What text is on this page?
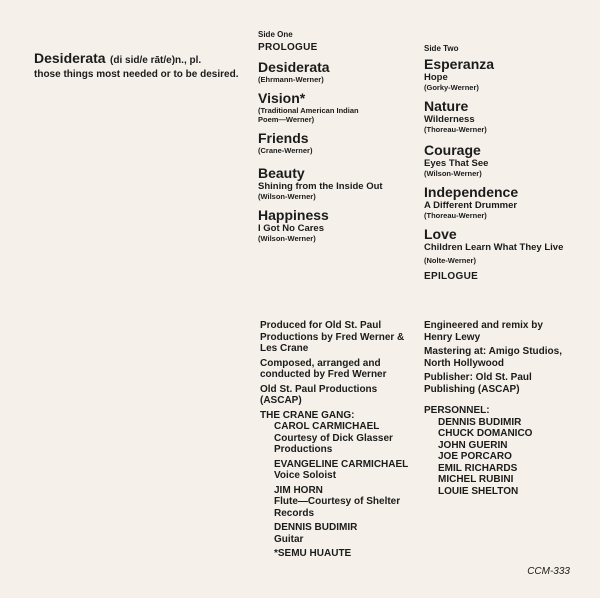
Desiderata (di sid/e rāt/e)n., pl.
those things most needed or to be desired.
Side One
PROLOGUE
Desiderata
(Ehrmann-Werner)
Vision*
(Traditional American Indian Poem—Werner)
Friends
(Crane-Werner)
Beauty
Shining from the Inside Out
(Wilson-Werner)
Happiness
I Got No Cares
(Wilson-Werner)
Side Two
Esperanza
Hope
(Gorky-Werner)
Nature
Wilderness
(Thoreau-Werner)
Courage
Eyes That See
(Wilson-Werner)
Independence
A Different Drummer
(Thoreau-Werner)
Love
Children Learn What They Live
(Nolte-Werner)
EPILOGUE
Produced for Old St. Paul Productions by Fred Werner & Les Crane
Composed, arranged and conducted by Fred Werner
Old St. Paul Productions (ASCAP)
THE CRANE GANG:
CAROL CARMICHAEL
Courtesy of Dick Glasser Productions
EVANGELINE CARMICHAEL
Voice Soloist
JIM HORN
Flute—Courtesy of Shelter Records
DENNIS BUDIMIR
Guitar
*SEMU HUAUTE
Engineered and remix by Henry Lewy
Mastering at: Amigo Studios, North Hollywood
Publisher: Old St. Paul Publishing (ASCAP)
PERSONNEL:
DENNIS BUDIMIR
CHUCK DOMANICO
JOHN GUERIN
JOE PORCARO
EMIL RICHARDS
MICHEL RUBINI
LOUIE SHELTON
CCM-333
